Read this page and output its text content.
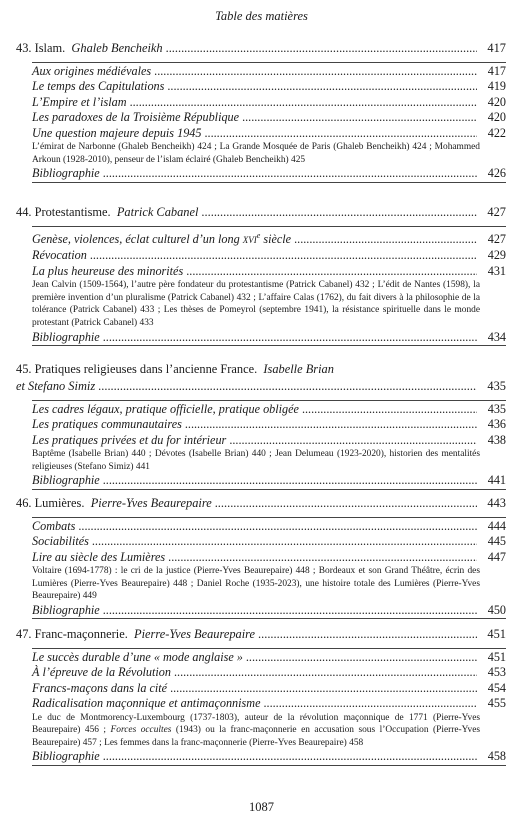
Table des matières
43. Islam. Ghaleb Bencheikh .....	417
Aux origines médiévales .....	417
Le temps des Capitulations .....	419
L’Empire et l’islam .....	420
Les paradoxes de la Troisième République .....	420
Une question majeure depuis 1945 .....	422
L’émirat de Narbonne (Ghaleb Bencheikh) 424 ; La Grande Mosquée de Paris (Ghaleb Bencheikh) 424 ; Mohammed Arkoun (1928-2010), penseur de l’islam éclairé (Ghaleb Bencheikh) 425
Bibliographie .....	426
44. Protestantisme. Patrick Cabanel .....	427
Genèse, violences, éclat culturel d’un long XVIe siècle .....	427
Révocation .....	429
La plus heureuse des minorités .....	431
Jean Calvin (1509-1564), l’autre père fondateur du protestantisme (Patrick Cabanel) 432 ; L’édit de Nantes (1598), la première invention d’un pluralisme (Patrick Cabanel) 432 ; L’affaire Calas (1762), du fait divers à la philosophie de la tolérance (Patrick Cabanel) 433 ; Les thèses de Pomeyrol (septembre 1941), la résistance spirituelle dans le monde protestant (Patrick Cabanel) 433
Bibliographie .....	434
45. Pratiques religieuses dans l’ancienne France. Isabelle Brian
et Stefano Simiz .....	435
Les cadres légaux, pratique officielle, pratique obligée .....	435
Les pratiques communautaires .....	436
Les pratiques privées et du for intérieur .....	438
Baptême (Isabelle Brian) 440 ; Dévotes (Isabelle Brian) 440 ; Jean Delumeau (1923-2020), historien des mentalités religieuses (Stefano Simiz) 441
Bibliographie .....	441
46. Lumières. Pierre-Yves Beaurepaire .....	443
Combats .....	444
Sociabilités .....	445
Lire au siècle des Lumières .....	447
Voltaire (1694-1778) : le cri de la justice (Pierre-Yves Beaurepaire) 448 ; Bordeaux et son Grand Théâtre, écrin des Lumières (Pierre-Yves Beaurepaire) 448 ; Daniel Roche (1935-2023), une histoire totale des Lumières (Pierre-Yves Beaurepaire) 449
Bibliographie .....	450
47. Franc-maçonnerie. Pierre-Yves Beaurepaire .....	451
Le succès durable d’une « mode anglaise » .....	451
À l’épreuve de la Révolution .....	453
Francs-maçons dans la cité .....	454
Radicalisation maçonnique et antimaçonnisme .....	455
Le duc de Montmorency-Luxembourg (1737-1803), auteur de la révolution maçonnique de 1771 (Pierre-Yves Beaurepaire) 456 ; Forces occultes (1943) ou la franc-maçonnerie en accusation sous l’Occupation (Pierre-Yves Beaurepaire) 457 ; Les femmes dans la franc-maçonnerie (Pierre-Yves Beaurepaire) 458
Bibliographie .....	458
1087
